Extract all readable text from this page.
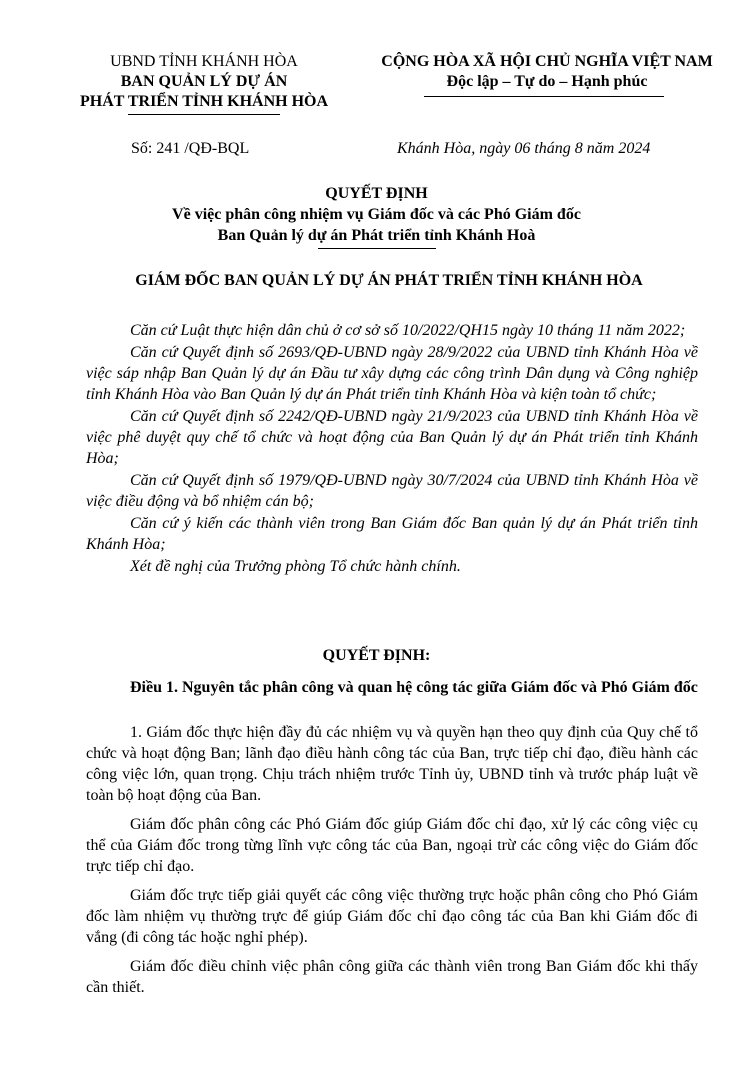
UBND TỈNH KHÁNH HÒA
BAN QUẢN LÝ DỰ ÁN
PHÁT TRIỂN TỈNH KHÁNH HÒA
CỘNG HÒA XÃ HỘI CHỦ NGHĨA VIỆT NAM
Độc lập – Tự do – Hạnh phúc
Số: 241 /QĐ-BQL	Khánh Hòa, ngày 06 tháng 8 năm 2024
QUYẾT ĐỊNH
Về việc phân công nhiệm vụ Giám đốc và các Phó Giám đốc
Ban Quản lý dự án Phát triển tỉnh Khánh Hoà
GIÁM ĐỐC BAN QUẢN LÝ DỰ ÁN PHÁT TRIỂN TỈNH KHÁNH HÒA

Căn cứ Luật thực hiện dân chủ ở cơ sở số 10/2022/QH15 ngày 10 tháng 11 năm 2022;

Căn cứ Quyết định số 2693/QĐ-UBND ngày 28/9/2022 của UBND tỉnh Khánh Hòa về việc sáp nhập Ban Quản lý dự án Đầu tư xây dựng các công trình Dân dụng và Công nghiệp tỉnh Khánh Hòa vào Ban Quản lý dự án Phát triển tỉnh Khánh Hòa và kiện toàn tổ chức;

Căn cứ Quyết định số 2242/QĐ-UBND ngày 21/9/2023 của UBND tỉnh Khánh Hòa về việc phê duyệt quy chế tổ chức và hoạt động của Ban Quản lý dự án Phát triển tỉnh Khánh Hòa;

Căn cứ Quyết định số 1979/QĐ-UBND ngày 30/7/2024 của UBND tỉnh Khánh Hòa về việc điều động và bổ nhiệm cán bộ;

Căn cứ ý kiến các thành viên trong Ban Giám đốc Ban quản lý dự án Phát triển tỉnh Khánh Hòa;

Xét đề nghị của Trưởng phòng Tổ chức hành chính.

QUYẾT ĐỊNH:
Điều 1. Nguyên tắc phân công và quan hệ công tác giữa Giám đốc và Phó Giám đốc

1. Giám đốc thực hiện đầy đủ các nhiệm vụ và quyền hạn theo quy định của Quy chế tổ chức và hoạt động Ban; lãnh đạo điều hành công tác của Ban, trực tiếp chỉ đạo, điều hành các công việc lớn, quan trọng. Chịu trách nhiệm trước Tỉnh ủy, UBND tỉnh và trước pháp luật về toàn bộ hoạt động của Ban.

Giám đốc phân công các Phó Giám đốc giúp Giám đốc chỉ đạo, xử lý các công việc cụ thể của Giám đốc trong từng lĩnh vực công tác của Ban, ngoại trừ các công việc do Giám đốc trực tiếp chỉ đạo.

Giám đốc trực tiếp giải quyết các công việc thường trực hoặc phân công cho Phó Giám đốc làm nhiệm vụ thường trực để giúp Giám đốc chỉ đạo công tác của Ban khi Giám đốc đi vắng (đi công tác hoặc nghỉ phép).

Giám đốc điều chỉnh việc phân công giữa các thành viên trong Ban Giám đốc khi thấy cần thiết.
